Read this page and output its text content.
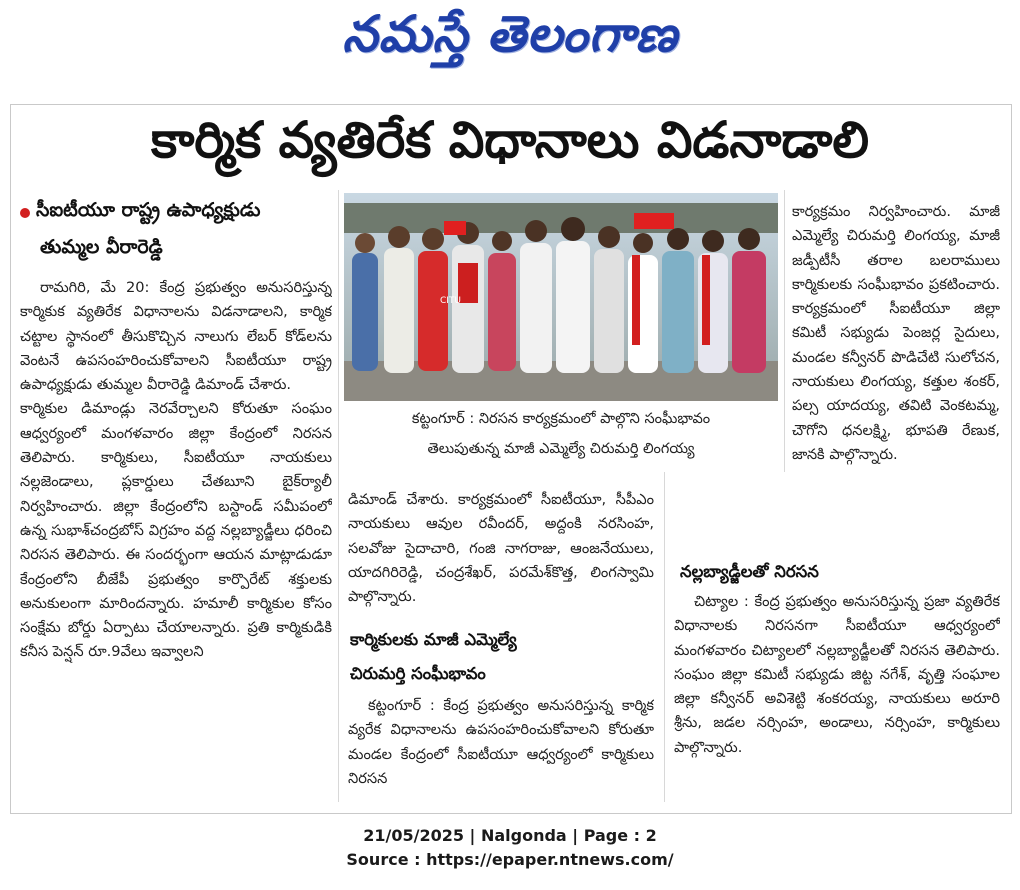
నమస్తే తెలంగాణ
కార్మిక వ్యతిరేక విధానాలు విడనాడాలి
సీఐటీయూ రాష్ట్ర ఉపాధ్యక్షుడు
తుమ్మల వీరారెడ్డి

రామగిరి, మే 20: కేంద్ర ప్రభుత్వం అనుసరిస్తున్న కార్మికుక వ్యతిరేక విధానాలను విడనాడాలని, కార్మిక చట్టాల స్థానంలో తీసుకొచ్చిన నాలుగు లేబర్ కోడ్‌లను వెంటనే ఉపసంహరించుకోవాలని సీఐటీయూ రాష్ట్ర ఉపాధ్యక్షుడు తుమ్మల వీరారెడ్డి డిమాండ్ చేశారు.

కార్మికుల డిమాండ్లు నెరవేర్చాలని కోరుతూ సంఘం ఆధ్వర్యంలో మంగళవారం జిల్లా కేంద్రంలో నిరసన తెలిపారు. కార్మికులు, సీఐటీయూ నాయకులు నల్లజెండాలు, ప్లకార్డులు చేతబూని బైక్‌ర్యాలీ నిర్వహించారు. జిల్లా కేంద్రంలోని బస్టాండ్ సమీపంలో ఉన్న సుభాశ్‌చంద్రబోస్ విగ్రహం వద్ద నల్లబ్యాడ్జీలు ధరించి నిరసన తెలిపారు. ఈ సందర్భంగా ఆయన మాట్లాడుడూ కేంద్రంలోని బీజేపీ ప్రభుత్వం కార్పొరేట్ శక్తులకు అనుకులంగా మారిందన్నారు. హమాలీ కార్మికుల కోసం సంక్షేమ బోర్డు ఏర్పాటు చేయాలన్నారు. ప్రతి కార్మికుడికి కనీస పెన్షన్ రూ.9వేలు ఇవ్వాలని

CITU
కట్టంగూర్ : నిరసన కార్యక్రమంలో పాల్గొని సంఘీభావం
తెలుపుతున్న మాజీ ఎమ్మెల్యే చిరుమర్తి లింగయ్య

డిమాండ్ చేశారు. కార్యక్రమంలో సీఐటీయూ, సీపీఎం నాయకులు ఆవుల రవీందర్, అద్దంకి నరసింహ, సలవోజు సైదాచారి, గంజి నాగరాజు, ఆంజనేయులు, యాదగిరిరెడ్డి, చంద్రశేఖర్, పరమేశ్‌కొత్త, లింగస్వామి పాల్గొన్నారు.

కార్మికులకు మాజీ ఎమ్మెల్యే
చిరుమర్తి సంఘీభావం

కట్టంగూర్ : కేంద్ర ప్రభుత్వం అనుసరిస్తున్న కార్మిక వ్యరేక విధానాలను ఉపసంహరించుకోవాలని కోరుతూ మండల కేంద్రంలో సీఐటీయూ ఆధ్వర్యంలో కార్మికులు నిరసన

కార్యక్రమం నిర్వహించారు. మాజీ ఎమ్మెల్యే చిరుమర్తి లింగయ్య, మాజీ జడ్పీటీసీ తరాల బలరాములు కార్మికులకు సంఘీభావం ప్రకటించారు. కార్యక్రమంలో సీఐటీయూ జిల్లా కమిటీ సభ్యుడు పెంజర్ల సైదులు, మండల కన్వీనర్ పొడిచేటి సులోచన, నాయకులు లింగయ్య, కత్తుల శంకర్, పల్స యాదయ్య, తవిటి వెంకటమ్మ, చౌగోని ధనలక్ష్మి, భూపతి రేణుక, జానకి పాల్గొన్నారు.

నల్లబ్యాడ్జీలతో నిరసన

చిట్యాల : కేంద్ర ప్రభుత్వం అనుసరిస్తున్న ప్రజా వ్యతిరేక విధానాలకు నిరసనగా సీఐటీయూ ఆధ్వర్యంలో మంగళవారం చిట్యాలలో నల్లబ్యాడ్జీలతో నిరసన తెలిపారు. సంఘం జిల్లా కమిటీ సభ్యుడు జిట్ట నగేశ్, వృత్తి సంఘాల జిల్లా కన్వీనర్ అవిశెట్టి శంకరయ్య, నాయకులు అరూరి శ్రీను, జడల నర్సింహ, అండాలు, నర్సింహ, కార్మికులు పాల్గొన్నారు.

21/05/2025 | Nalgonda | Page : 2
Source : https://epaper.ntnews.com/
